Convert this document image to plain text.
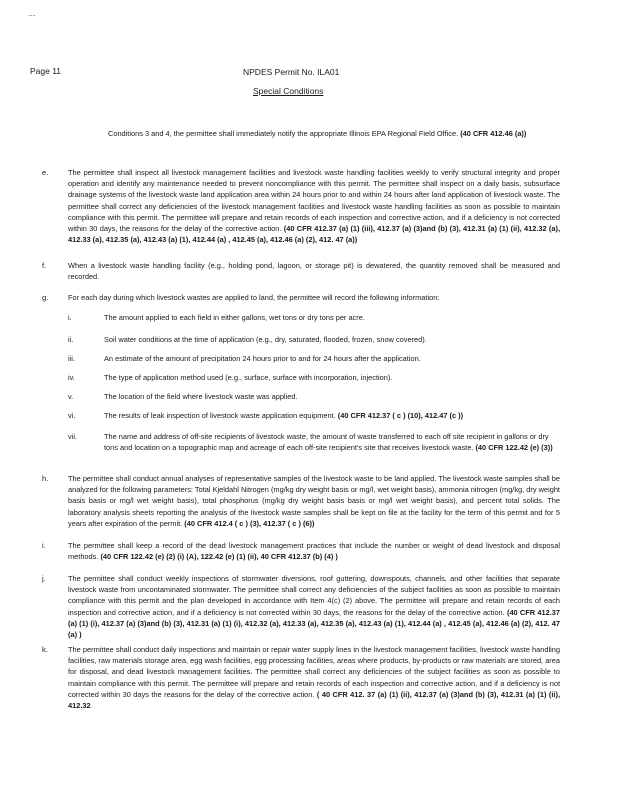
...
Page 11	NPDES Permit No. ILA01
Special Conditions
Conditions 3 and 4, the permittee shall immediately notify the appropriate Illinois EPA Regional Field Office. (40 CFR 412.46 (a))
e.	The permittee shall inspect all livestock management facilities and livestock waste handling facilities weekly to verify structural integrity and proper operation and identify any maintenance needed to prevent noncompliance with this permit. The permittee shall inspect on a daily basis, subsurface drainage systems of the livestock waste land application area within 24 hours prior to and within 24 hours after land application of livestock waste. The permittee shall correct any deficiencies of the livestock management facilities and livestock waste handling facilities as soon as possible to maintain compliance with this permit. The permittee will prepare and retain records of each inspection and corrective action, and if a deficiency is not corrected within 30 days, the reasons for the delay of the corrective action. (40 CFR 412.37 (a) (1) (iii), 412.37 (a) (3)and (b) (3), 412.31 (a) (1) (ii), 412.32 (a), 412.33 (a), 412.35 (a), 412.43 (a) (1), 412.44 (a) , 412.45 (a), 412.46 (a) (2), 412. 47 (a))
f.	When a livestock waste handling facility (e.g., holding pond, lagoon, or storage pit) is dewatered, the quantity removed shall be measured and recorded.
g.	For each day during which livestock wastes are applied to land, the permittee will record the following information:
i.	The amount applied to each field in either gallons, wet tons or dry tons per acre.
ii.	Soil water conditions at the time of application (e.g., dry, saturated, flooded, frozen, snow covered).
iii.	An estimate of the amount of precipitation 24 hours prior to and for 24 hours after the application.
iv.	The type of application method used (e.g., surface, surface with incorporation, injection).
v.	The location of the field where livestock waste was applied.
vi.	The results of leak inspection of livestock waste application equipment. (40 CFR 412.37 ( c ) (10), 412.47 (c ))
vii.	The name and address of off-site recipients of livestock waste, the amount of waste transferred to each off site recipient in gallons or dry tons and location on a topographic map and acreage of each off-site recipient's site that receives livestock waste. (40 CFR 122.42 (e) (3))
h.	The permittee shall conduct annual analyses of representative samples of the livestock waste to be land applied. The livestock waste samples shall be analyzed for the following parameters: Total Kjeldahl Nitrogen (mg/kg dry weight basis or mg/l, wet weight basis), ammonia nitrogen (mg/kg, dry weight basis basis or mg/l wet weight basis), total phosphorus (mg/kg dry weight basis basis or mg/l wet weight basis), and percent total solids. The laboratory analysis sheets reporting the analysis of the livestock waste samples shall be kept on file at the facility for the term of this permit and for 5 years after expiration of the permit. (40 CFR 412.4 ( c ) (3), 412.37 ( c ) (6))
i.	The permittee shall keep a record of the dead livestock management practices that include the number or weight of dead livestock and disposal methods. (40 CFR 122.42 (e) (2) (i) (A), 122.42 (e) (1) (ii), 40 CFR 412.37 (b) (4) )
j.	The permittee shall conduct weekly inspections of stormwater diversions, roof guttering, downspouts, channels, and other facilities that separate livestock waste from uncontaminated stormwater. The permittee shall correct any deficiencies of the subject facilities as soon as possible to maintain compliance with this permit and the plan developed in accordance with Item 4(c) (2) above. The permittee will prepare and retain records of each inspection and corrective action, and if a deficiency is not corrected within 30 days, the reasons for the delay of the corrective action. (40 CFR 412.37 (a) (1) (i), 412.37 (a) (3)and (b) (3), 412.31 (a) (1) (i), 412.32 (a), 412.33 (a), 412.35 (a), 412.43 (a) (1), 412.44 (a) , 412.45 (a), 412.46 (a) (2), 412. 47 (a) )
k.	The permittee shall conduct daily inspections and maintain or repair water supply lines in the livestock management facilities, livestock waste handling facilities, raw materials storage area, egg wash facilities, egg processing facilities, areas where products, by-products or raw materials are stored, area for disposal, and dead livestock management facilities. The permittee shall correct any deficiencies of the subject facilities as soon as possible to maintain compliance with this permit. The permittee will prepare and retain records of each inspection and corrective action, and if a deficiency is not corrected within 30 days the reasons for the delay of the corrective action. ( 40 CFR 412. 37 (a) (1) (ii), 412.37 (a) (3)and (b) (3), 412.31 (a) (1) (ii), 412.32
